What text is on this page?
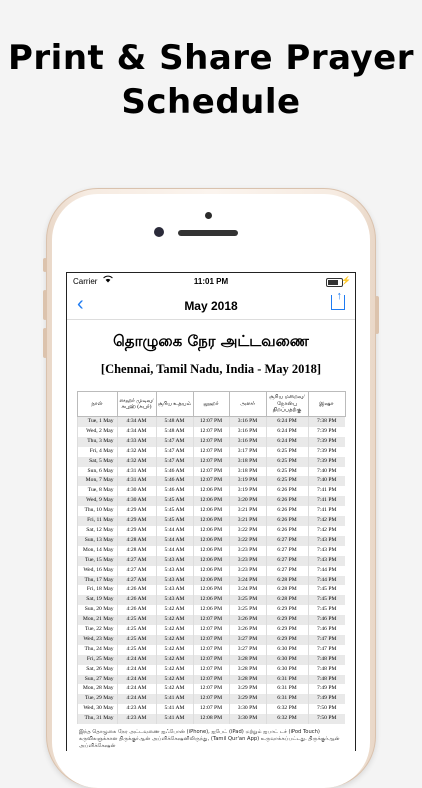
Print & Share Prayer
Schedule
Carrier	11:01 PM	⚡
‹	May 2018
↑
தொழுகை நேர அட்டவணை
[Chennai, Tamil Nadu, India - May 2018]
நாள்	ஸஹர் முடிவு/ சுபுஹ் (சுபுர்)	சூரிய உதயம்	லுஹர்	அஸர்	சூரிய மறைவு/ நோன்பு திறப்பதற்கு	இஷா
Tue, 1 May	4:34 AM	5:48 AM	12:07 PM	3:16 PM	6:24 PM	7:38 PM
Wed, 2 May	4:34 AM	5:48 AM	12:07 PM	3:16 PM	6:24 PM	7:39 PM
Thu, 3 May	4:33 AM	5:47 AM	12:07 PM	3:16 PM	6:24 PM	7:39 PM
Fri, 4 May	4:32 AM	5:47 AM	12:07 PM	3:17 PM	6:25 PM	7:39 PM
Sat, 5 May	4:32 AM	5:47 AM	12:07 PM	3:18 PM	6:25 PM	7:39 PM
Sun, 6 May	4:31 AM	5:46 AM	12:07 PM	3:18 PM	6:25 PM	7:40 PM
Mon, 7 May	4:31 AM	5:46 AM	12:07 PM	3:19 PM	6:25 PM	7:40 PM
Tue, 8 May	4:30 AM	5:46 AM	12:06 PM	3:19 PM	6:26 PM	7:41 PM
Wed, 9 May	4:30 AM	5:45 AM	12:06 PM	3:20 PM	6:26 PM	7:41 PM
Thu, 10 May	4:29 AM	5:45 AM	12:06 PM	3:21 PM	6:26 PM	7:41 PM
Fri, 11 May	4:29 AM	5:45 AM	12:06 PM	3:21 PM	6:26 PM	7:42 PM
Sat, 12 May	4:29 AM	5:44 AM	12:06 PM	3:22 PM	6:26 PM	7:42 PM
Sun, 13 May	4:28 AM	5:44 AM	12:06 PM	3:22 PM	6:27 PM	7:43 PM
Mon, 14 May	4:28 AM	5:44 AM	12:06 PM	3:23 PM	6:27 PM	7:43 PM
Tue, 15 May	4:27 AM	5:43 AM	12:06 PM	3:23 PM	6:27 PM	7:43 PM
Wed, 16 May	4:27 AM	5:43 AM	12:06 PM	3:23 PM	6:27 PM	7:44 PM
Thu, 17 May	4:27 AM	5:43 AM	12:06 PM	3:24 PM	6:28 PM	7:44 PM
Fri, 18 May	4:26 AM	5:43 AM	12:06 PM	3:24 PM	6:28 PM	7:45 PM
Sat, 19 May	4:26 AM	5:43 AM	12:06 PM	3:25 PM	6:28 PM	7:45 PM
Sun, 20 May	4:26 AM	5:42 AM	12:06 PM	3:25 PM	6:29 PM	7:45 PM
Mon, 21 May	4:25 AM	5:42 AM	12:07 PM	3:26 PM	6:29 PM	7:46 PM
Tue, 22 May	4:25 AM	5:42 AM	12:07 PM	3:26 PM	6:29 PM	7:46 PM
Wed, 23 May	4:25 AM	5:42 AM	12:07 PM	3:27 PM	6:29 PM	7:47 PM
Thu, 24 May	4:25 AM	5:42 AM	12:07 PM	3:27 PM	6:30 PM	7:47 PM
Fri, 25 May	4:24 AM	5:42 AM	12:07 PM	3:28 PM	6:30 PM	7:48 PM
Sat, 26 May	4:24 AM	5:42 AM	12:07 PM	3:28 PM	6:30 PM	7:48 PM
Sun, 27 May	4:24 AM	5:42 AM	12:07 PM	3:28 PM	6:31 PM	7:48 PM
Mon, 28 May	4:24 AM	5:42 AM	12:07 PM	3:29 PM	6:31 PM	7:49 PM
Tue, 29 May	4:24 AM	5:41 AM	12:07 PM	3:29 PM	6:31 PM	7:49 PM
Wed, 30 May	4:23 AM	5:41 AM	12:07 PM	3:30 PM	6:32 PM	7:50 PM
Thu, 31 May	4:23 AM	5:41 AM	12:08 PM	3:30 PM	6:32 PM	7:50 PM
இந்த தொழுகை நேர அட்டவணை ஐஃபோன் (iPhone), ஐபேட் (iPad) மற்றும் ஐபாட் டச் (iPod Touch) கருவிகளுக்கான திருக்குர்ஆன் அப்ளிக்கேஷனிலிருந்து, (Tamil Qur'an App) உருவாக்கப்பட்டது. திருக்குர்ஆன் அப்ளிக்கேஷன்
